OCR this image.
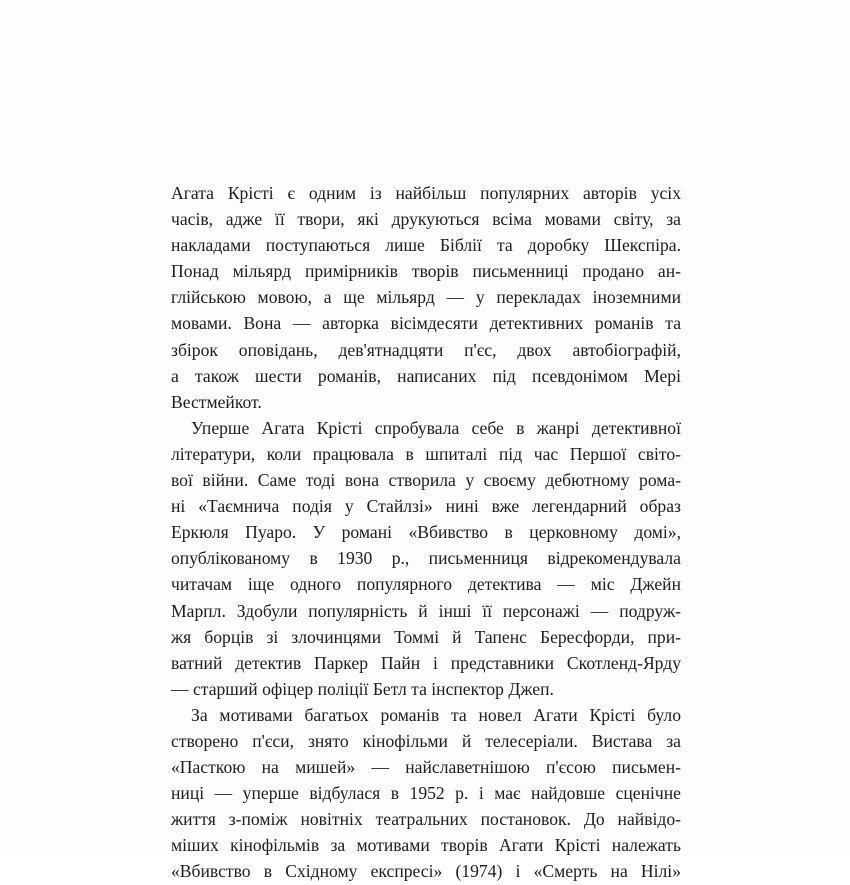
Агата Крісті є одним із найбільш популярних авторів усіх
часів, адже її твори, які друкуються всіма мовами світу, за
накладами поступаються лише Біблії та доробку Шекспіра.
Понад мільярд примірників творів письменниці продано ан-
глійською мовою, а ще мільярд — у перекладах іноземними
мовами. Вона — авторка вісімдесяти детективних романів та
збірок оповідань, дев'ятнадцяти п'єс, двох автобіографій,
а також шести романів, написаних під псевдонімом Мері
Вестмейкот.
Уперше Агата Крісті спробувала себе в жанрі детективної
літератури, коли працювала в шпиталі під час Першої світо-
вої війни. Саме тоді вона створила у своєму дебютному рома-
ні «Таємнича подія у Стайлзі» нині вже легендарний образ
Еркюля Пуаро. У романі «Вбивство в церковному домі»,
опублікованому в 1930 р., письменниця відрекомендувала
читачам іще одного популярного детектива — міс Джейн
Марпл. Здобули популярність й інші її персонажі — подруж-
жя борців зі злочинцями Томмі й Тапенс Бересфорди, при-
ватний детектив Паркер Пайн і представники Скотленд-Ярду
— старший офіцер поліції Бетл та інспектор Джеп.
За мотивами багатьох романів та новел Агати Крісті було
створено п'єси, знято кінофільми й телесеріали. Вистава за
«Пасткою на мишей» — найславетнішою п'єсою письмен-
ниці — уперше відбулася в 1952 р. і має найдовше сценічне
життя з-поміж новітніх театральних постановок. До найвідо-
міших кінофільмів за мотивами творів Агати Крісті належать
«Вбивство в Східному експресі» (1974) і «Смерть на Нілі»
